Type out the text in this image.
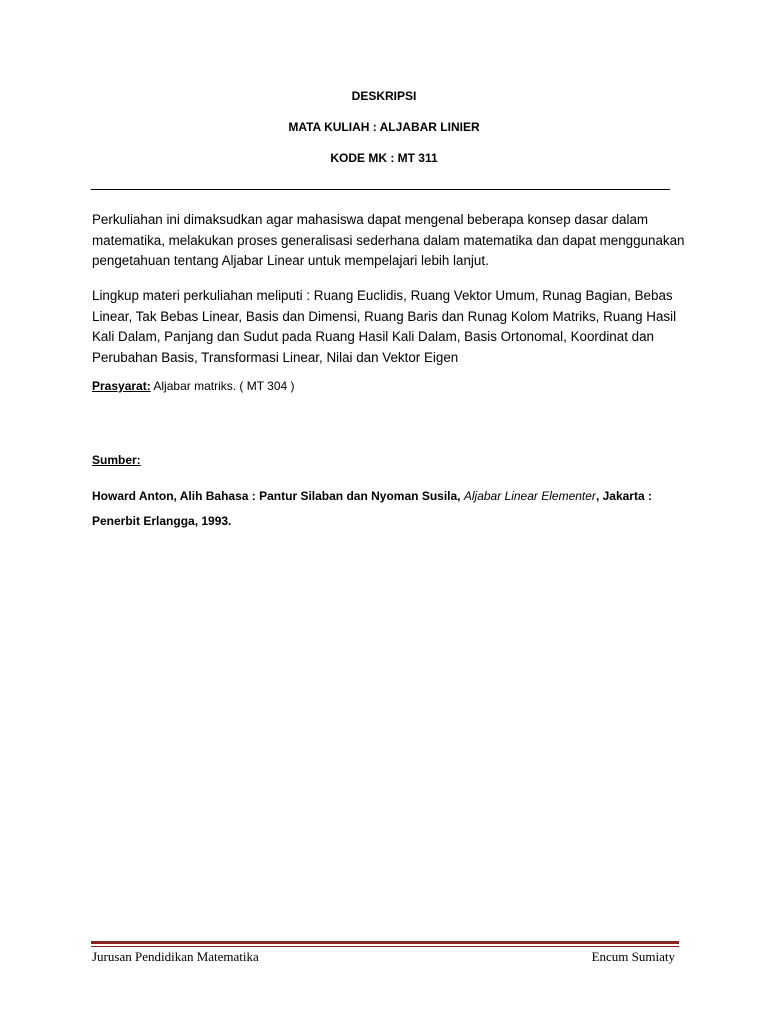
DESKRIPSI
MATA KULIAH : ALJABAR LINIER
KODE MK : MT 311
.
Perkuliahan ini dimaksudkan agar mahasiswa dapat mengenal beberapa konsep dasar dalam matematika, melakukan proses generalisasi sederhana dalam matematika dan dapat menggunakan pengetahuan tentang Aljabar Linear untuk mempelajari lebih lanjut.
Lingkup materi perkuliahan meliputi : Ruang Euclidis, Ruang Vektor Umum, Runag Bagian, Bebas Linear, Tak Bebas Linear, Basis dan Dimensi, Ruang Baris dan Runag Kolom Matriks, Ruang Hasil Kali Dalam, Panjang dan Sudut pada Ruang Hasil Kali Dalam, Basis Ortonomal, Koordinat dan Perubahan Basis, Transformasi Linear, Nilai dan Vektor Eigen
Prasyarat: Aljabar matriks. ( MT 304 )
Sumber:
Howard Anton, Alih Bahasa : Pantur Silaban dan Nyoman Susila, Aljabar Linear Elementer, Jakarta : Penerbit Erlangga, 1993.
Jurusan Pendidikan Matematika	Encum Sumiaty
